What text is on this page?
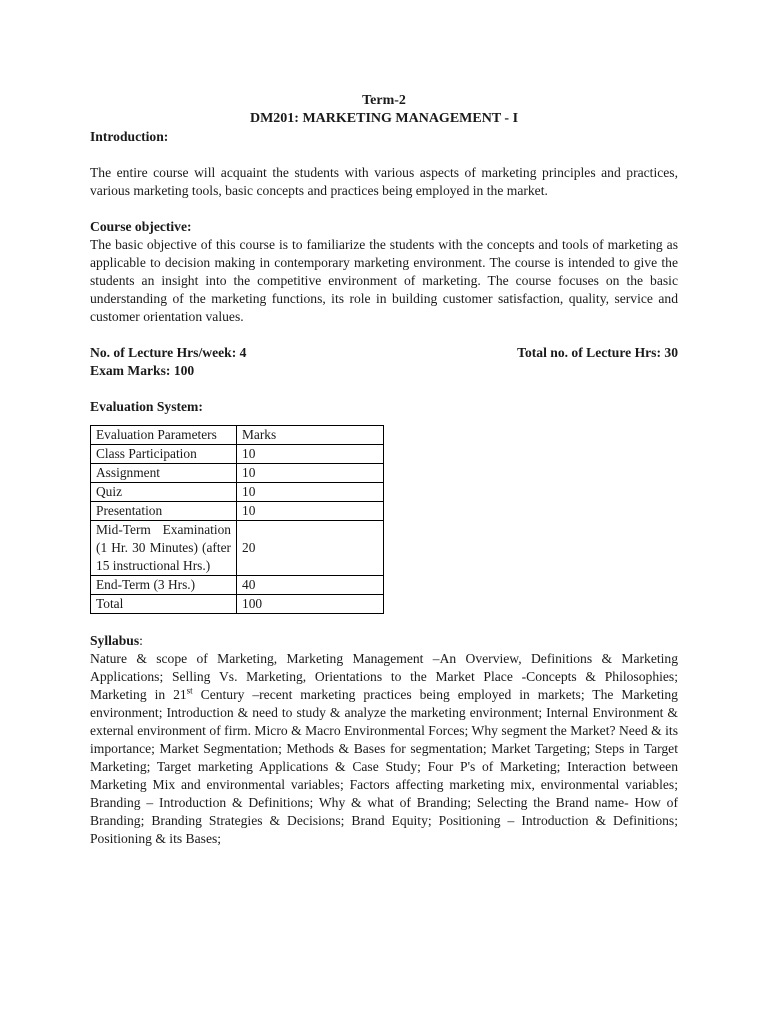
Term-2
DM201: MARKETING MANAGEMENT - I
Introduction:

The entire course will acquaint the students with various aspects of marketing principles and practices, various marketing tools, basic concepts and practices being employed in the market.

Course objective:

The basic objective of this course is to familiarize the students with the concepts and tools of marketing as applicable to decision making in contemporary marketing environment. The course is intended to give the students an insight into the competitive environment of marketing. The course focuses on the basic understanding of the marketing functions, its role in building customer satisfaction, quality, service and customer orientation values.

No. of Lecture Hrs/week: 4	Total no. of Lecture Hrs: 30
Exam Marks: 100
Evaluation System:
Evaluation Parameters	Marks
Class Participation	10
Assignment	10
Quiz	10
Presentation	10
Mid-Term Examination (1 Hr. 30 Minutes) (after 15 instructional Hrs.)	20
End-Term (3 Hrs.)	40
Total	100
Syllabus:

Nature & scope of Marketing, Marketing Management –An Overview, Definitions & Marketing Applications; Selling Vs. Marketing, Orientations to the Market Place -Concepts & Philosophies; Marketing in 21st Century –recent marketing practices being employed in markets; The Marketing environment; Introduction & need to study & analyze the marketing environment; Internal Environment & external environment of firm. Micro & Macro Environmental Forces; Why segment the Market? Need & its importance; Market Segmentation; Methods & Bases for segmentation; Market Targeting; Steps in Target Marketing; Target marketing Applications & Case Study; Four P's of Marketing; Interaction between Marketing Mix and environmental variables; Factors affecting marketing mix, environmental variables; Branding – Introduction & Definitions; Why & what of Branding; Selecting the Brand name- How of Branding; Branding Strategies & Decisions; Brand Equity; Positioning – Introduction & Definitions; Positioning & its Bases;
